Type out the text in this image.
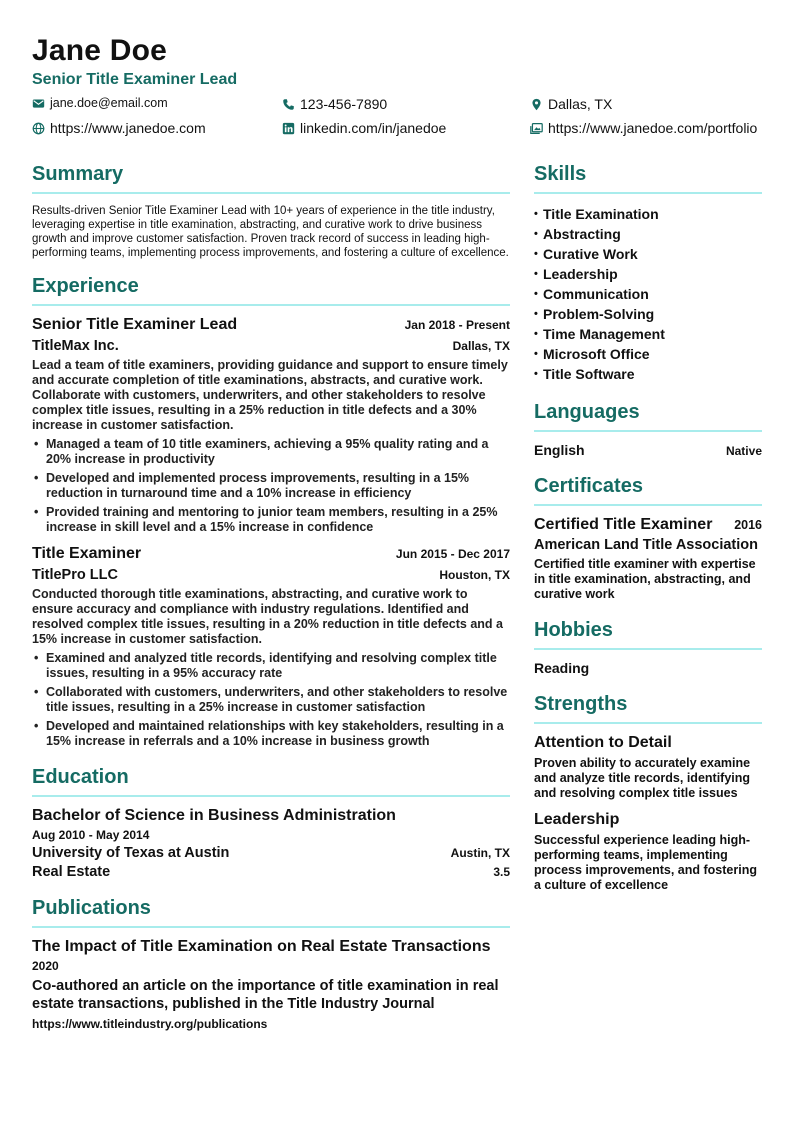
Jane Doe
Senior Title Examiner Lead
jane.doe@email.com	123-456-7890	Dallas, TX
https://www.janedoe.com	linkedin.com/in/janedoe	https://www.janedoe.com/portfolio
Summary
Results-driven Senior Title Examiner Lead with 10+ years of experience in the title industry, leveraging expertise in title examination, abstracting, and curative work to drive business growth and improve customer satisfaction. Proven track record of success in leading high-performing teams, implementing process improvements, and fostering a culture of excellence.
Experience
Senior Title Examiner Lead	Jan 2018 - Present
TitleMax Inc.	Dallas, TX
Lead a team of title examiners, providing guidance and support to ensure timely and accurate completion of title examinations, abstracts, and curative work. Collaborate with customers, underwriters, and other stakeholders to resolve complex title issues, resulting in a 25% reduction in title defects and a 30% increase in customer satisfaction.
• Managed a team of 10 title examiners, achieving a 95% quality rating and a 20% increase in productivity
• Developed and implemented process improvements, resulting in a 15% reduction in turnaround time and a 10% increase in efficiency
• Provided training and mentoring to junior team members, resulting in a 25% increase in skill level and a 15% increase in confidence
Title Examiner	Jun 2015 - Dec 2017
TitlePro LLC	Houston, TX
Conducted thorough title examinations, abstracting, and curative work to ensure accuracy and compliance with industry regulations. Identified and resolved complex title issues, resulting in a 20% reduction in title defects and a 15% increase in customer satisfaction.
• Examined and analyzed title records, identifying and resolving complex title issues, resulting in a 95% accuracy rate
• Collaborated with customers, underwriters, and other stakeholders to resolve title issues, resulting in a 25% increase in customer satisfaction
• Developed and maintained relationships with key stakeholders, resulting in a 15% increase in referrals and a 10% increase in business growth
Education
Bachelor of Science in Business Administration
Aug 2010 - May 2014
University of Texas at Austin	Austin, TX
Real Estate	3.5
Publications
The Impact of Title Examination on Real Estate Transactions
2020
Co-authored an article on the importance of title examination in real estate transactions, published in the Title Industry Journal
https://www.titleindustry.org/publications
Skills
• Title Examination
• Abstracting
• Curative Work
• Leadership
• Communication
• Problem-Solving
• Time Management
• Microsoft Office
• Title Software
Languages
English	Native
Certificates
Certified Title Examiner 2016
American Land Title Association
Certified title examiner with expertise in title examination, abstracting, and curative work
Hobbies
Reading
Strengths
Attention to Detail
Proven ability to accurately examine and analyze title records, identifying and resolving complex title issues
Leadership
Successful experience leading high-performing teams, implementing process improvements, and fostering a culture of excellence
